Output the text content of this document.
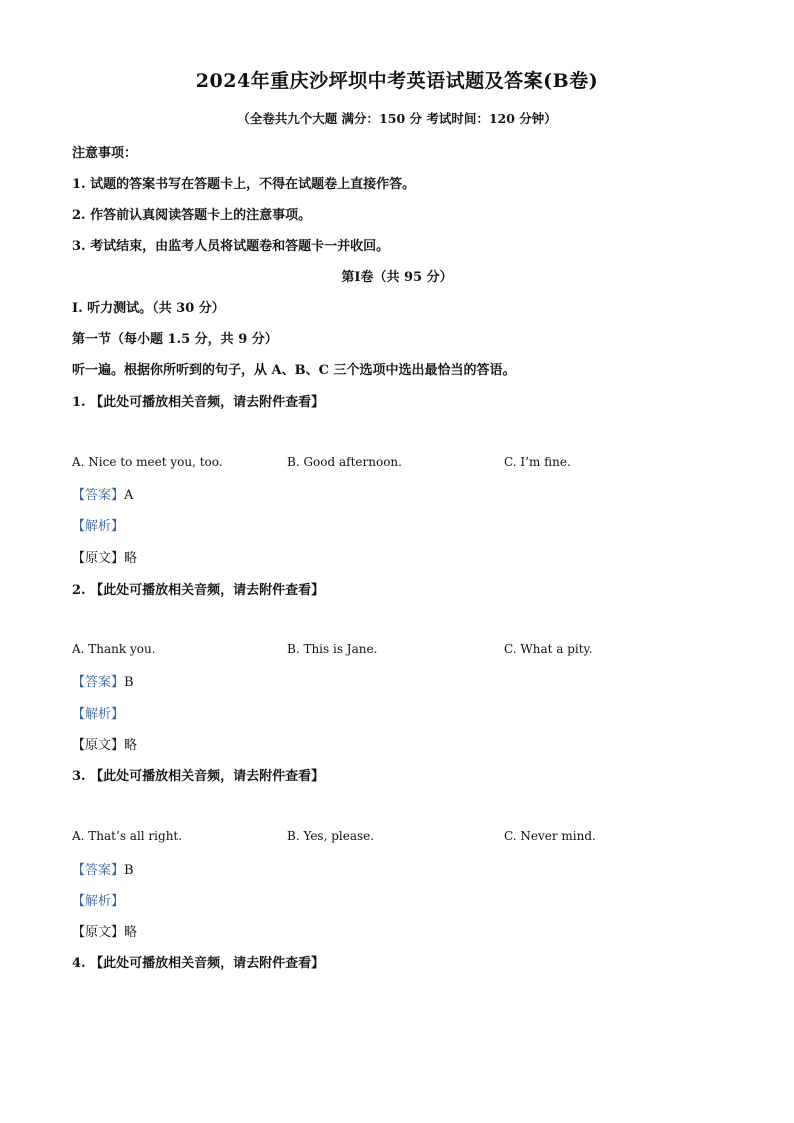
2024年重庆沙坪坝中考英语试题及答案(B卷)
（全卷共九个大题 满分：150 分 考试时间：120 分钟）
注意事项：
1. 试题的答案书写在答题卡上，不得在试题卷上直接作答。
2. 作答前认真阅读答题卡上的注意事项。
3. 考试结束，由监考人员将试题卷和答题卡一并收回。
第Ⅰ卷（共 95 分）
Ⅰ. 听力测试。（共 30 分）
第一节（每小题 1.5 分，共 9 分）
听一遍。根据你所听到的句子，从 A、B、C 三个选项中选出最恰当的答语。
1. 【此处可播放相关音频，请去附件查看】
A. Nice to meet you, too.	B. Good afternoon.	C. I’m fine.
【答案】A
【解析】
【原文】略
2. 【此处可播放相关音频，请去附件查看】
A. Thank you.	B. This is Jane.	C. What a pity.
【答案】B
【解析】
【原文】略
3. 【此处可播放相关音频，请去附件查看】
A. That’s all right.	B. Yes, please.	C. Never mind.
【答案】B
【解析】
【原文】略
4. 【此处可播放相关音频，请去附件查看】
